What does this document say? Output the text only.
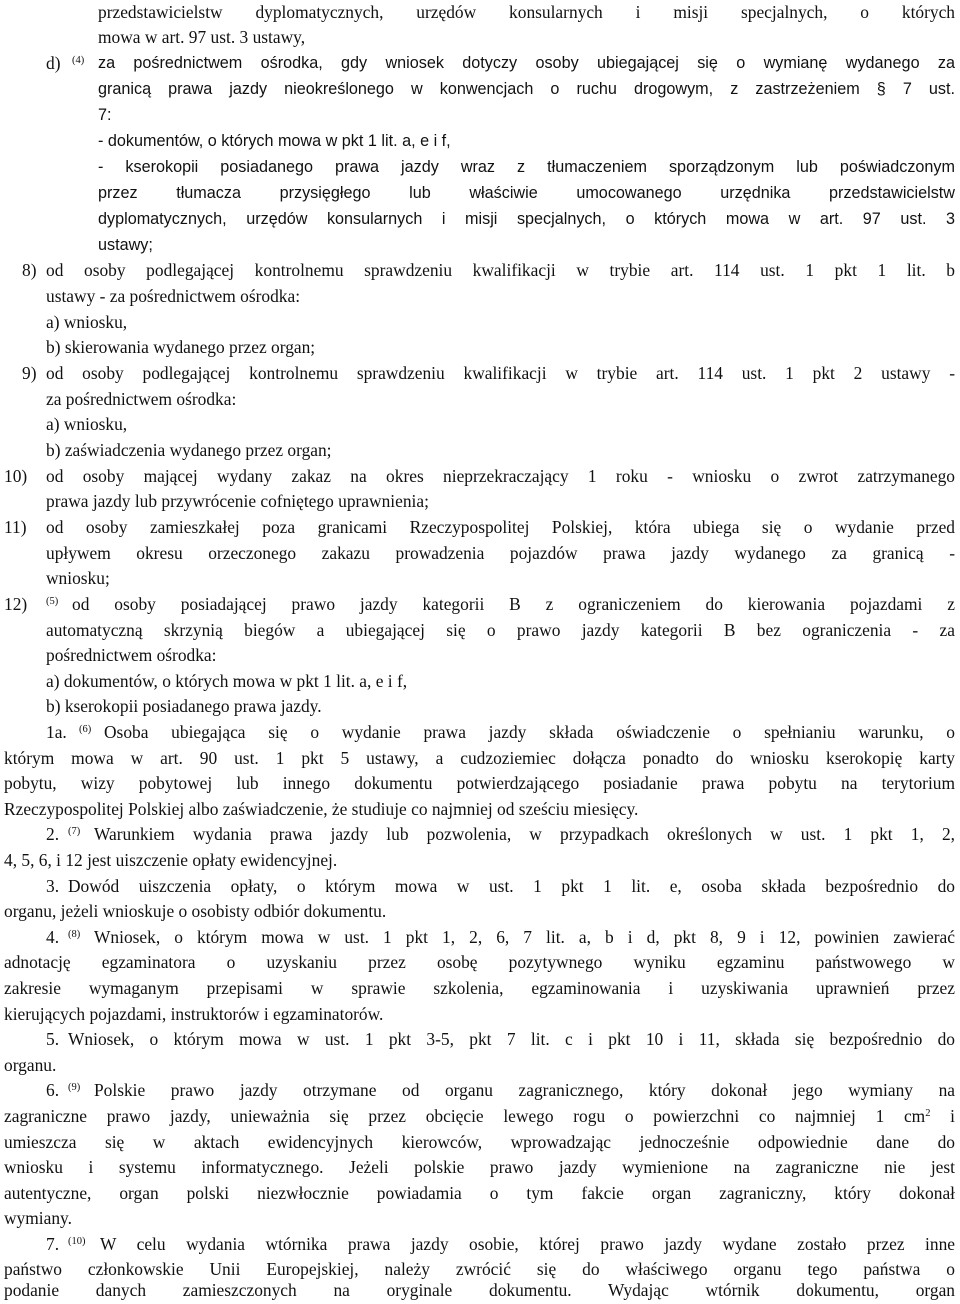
przedstawicielstw dyplomatycznych, urzędów konsularnych i misji specjalnych, o których
mowa w art. 97 ust. 3 ustawy,
d) $^{(4)}$ za pośrednictwem ośrodka, gdy wniosek dotyczy osoby ubiegającej się o wymianę wydanego za
granicą prawa jazdy nieokreślonego w konwencjach o ruchu drogowym, z zastrzeżeniem § 7 ust.
7:
- dokumentów, o których mowa w pkt 1 lit. a, e i f,
- kserokopii posiadanego prawa jazdy wraz z tłumaczeniem sporządzonym lub poświadczonym
przez tłumacza przysięgłego lub właściwie umocowanego urzędnika przedstawicielstw
dyplomatycznych, urzędów konsularnych i misji specjalnych, o których mowa w art. 97 ust. 3
ustawy;
8) od osoby podlegającej kontrolnemu sprawdzeniu kwalifikacji w trybie art. 114 ust. 1 pkt 1 lit. b
ustawy - za pośrednictwem ośrodka:
a) wniosku,
b) skierowania wydanego przez organ;
9) od osoby podlegającej kontrolnemu sprawdzeniu kwalifikacji w trybie art. 114 ust. 1 pkt 2 ustawy -
za pośrednictwem ośrodka:
a) wniosku,
b) zaświadczenia wydanego przez organ;
10) od osoby mającej wydany zakaz na okres nieprzekraczający 1 roku - wniosku o zwrot zatrzymanego
prawa jazdy lub przywrócenie cofniętego uprawnienia;
11) od osoby zamieszkałej poza granicami Rzeczypospolitej Polskiej, która ubiega się o wydanie przed
upływem okresu orzeczonego zakazu prowadzenia pojazdów prawa jazdy wydanego za granicą -
wniosku;
12) $^{(5)}$ od osoby posiadającej prawo jazdy kategorii B z ograniczeniem do kierowania pojazdami z
automatyczną skrzynią biegów a ubiegającej się o prawo jazdy kategorii B bez ograniczenia - za
pośrednictwem ośrodka:
a) dokumentów, o których mowa w pkt 1 lit. a, e i f,
b) kserokopii posiadanego prawa jazdy.
1a. $^{(6)}$ Osoba ubiegająca się o wydanie prawa jazdy składa oświadczenie o spełnianiu warunku, o
którym mowa w art. 90 ust. 1 pkt 5 ustawy, a cudzoziemiec dołącza ponadto do wniosku kserokopię karty
pobytu, wizy pobytowej lub innego dokumentu potwierdzającego posiadanie prawa pobytu na terytorium
Rzeczypospolitej Polskiej albo zaświadczenie, że studiuje co najmniej od sześciu miesięcy.
2. $^{(7)}$ Warunkiem wydania prawa jazdy lub pozwolenia, w przypadkach określonych w ust. 1 pkt 1, 2,
4, 5, 6, i 12 jest uiszczenie opłaty ewidencyjnej.
3. Dowód uiszczenia opłaty, o którym mowa w ust. 1 pkt 1 lit. e, osoba składa bezpośrednio do
organu, jeżeli wnioskuje o osobisty odbiór dokumentu.
4. $^{(8)}$ Wniosek, o którym mowa w ust. 1 pkt 1, 2, 6, 7 lit. a, b i d, pkt 8, 9 i 12, powinien zawierać
adnotację egzaminatora o uzyskaniu przez osobę pozytywnego wyniku egzaminu państwowego w
zakresie wymaganym przepisami w sprawie szkolenia, egzaminowania i uzyskiwania uprawnień przez
kierujących pojazdami, instruktorów i egzaminatorów.
5. Wniosek, o którym mowa w ust. 1 pkt 3-5, pkt 7 lit. c i pkt 10 i 11, składa się bezpośrednio do
organu.
6. $^{(9)}$ Polskie prawo jazdy otrzymane od organu zagranicznego, który dokonał jego wymiany na
zagraniczne prawo jazdy, unieważnia się przez obcięcie lewego rogu o powierzchni co najmniej 1 $cm^2$ i
umieszcza się w aktach ewidencyjnych kierowców, wprowadzając jednocześnie odpowiednie dane do
wniosku i systemu informatycznego. Jeżeli polskie prawo jazdy wymienione na zagraniczne nie jest
autentyczne, organ polski niezwłocznie powiadamia o tym fakcie organ zagraniczny, który dokonał
wymiany.
7. $^{(10)}$ W celu wydania wtórnika prawa jazdy osobie, której prawo jazdy wydane zostało przez inne
państwo członkowskie Unii Europejskiej, należy zwrócić się do właściwego organu tego państwa o
podanie danych zamieszczonych na oryginale dokumentu. Wydając wtórnik dokumentu, organ
